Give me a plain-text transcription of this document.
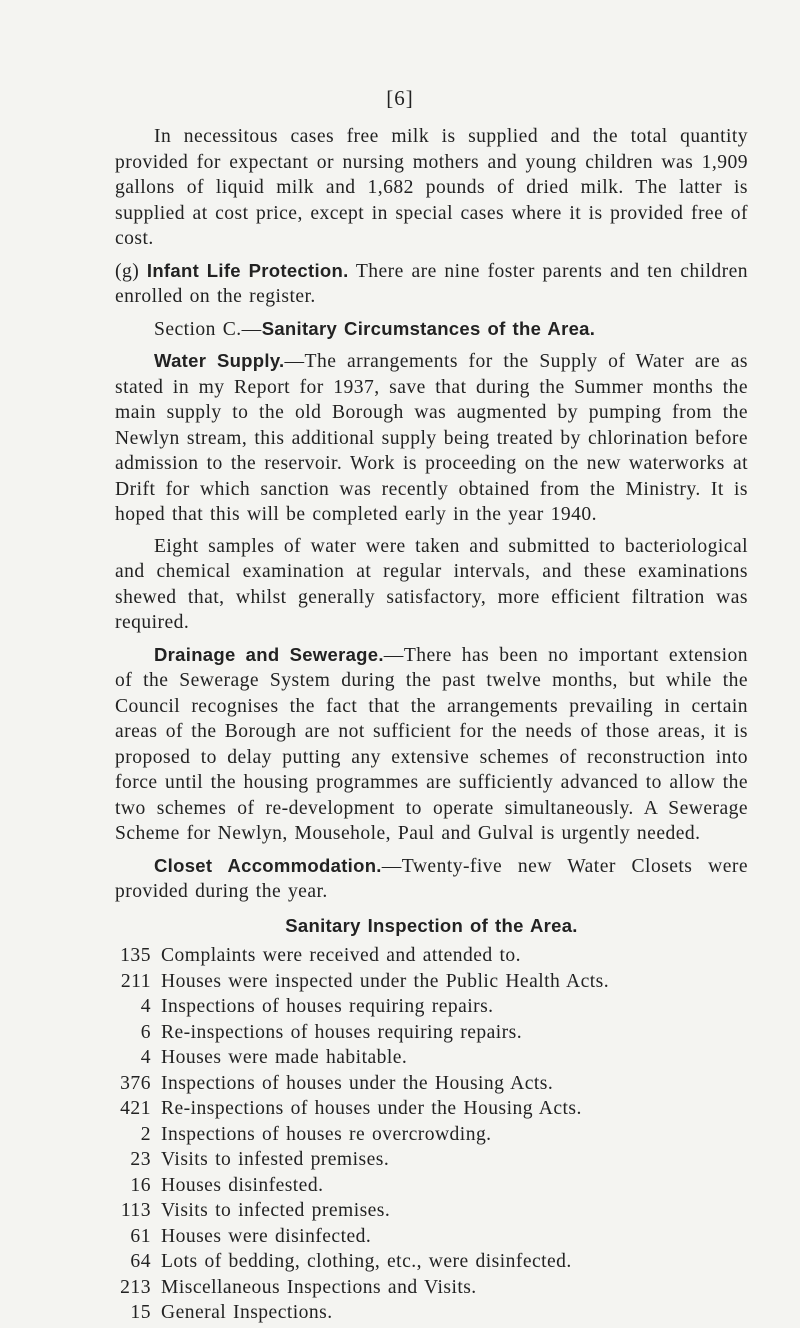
[6]

In necessitous cases free milk is supplied and the total quantity provided for expectant or nursing mothers and young children was 1,909 gallons of liquid milk and 1,682 pounds of dried milk. The latter is supplied at cost price, except in special cases where it is provided free of cost.

(g) Infant Life Protection. There are nine foster parents and ten children enrolled on the register.

Section C.—Sanitary Circumstances of the Area.

Water Supply.—The arrangements for the Supply of Water are as stated in my Report for 1937, save that during the Summer months the main supply to the old Borough was augmented by pumping from the Newlyn stream, this additional supply being treated by chlorination before admission to the reservoir. Work is proceeding on the new waterworks at Drift for which sanction was recently obtained from the Ministry. It is hoped that this will be completed early in the year 1940.

Eight samples of water were taken and submitted to bacteriological and chemical examination at regular intervals, and these examinations shewed that, whilst generally satisfactory, more efficient filtration was required.

Drainage and Sewerage.—There has been no important extension of the Sewerage System during the past twelve months, but while the Council recognises the fact that the arrangements prevailing in certain areas of the Borough are not sufficient for the needs of those areas, it is proposed to delay putting any extensive schemes of reconstruction into force until the housing programmes are sufficiently advanced to allow the two schemes of re-development to operate simultaneously. A Sewerage Scheme for Newlyn, Mousehole, Paul and Gulval is urgently needed.

Closet Accommodation.—Twenty-five new Water Closets were provided during the year.

Sanitary Inspection of the Area.

135 Complaints were received and attended to.
211 Houses were inspected under the Public Health Acts.
4 Inspections of houses requiring repairs.
6 Re-inspections of houses requiring repairs.
4 Houses were made habitable.
376 Inspections of houses under the Housing Acts.
421 Re-inspections of houses under the Housing Acts.
2 Inspections of houses re overcrowding.
23 Visits to infested premises.
16 Houses disinfested.
113 Visits to infected premises.
61 Houses were disinfected.
64 Lots of bedding, clothing, etc., were disinfected.
213 Miscellaneous Inspections and Visits.
15 General Inspections.
